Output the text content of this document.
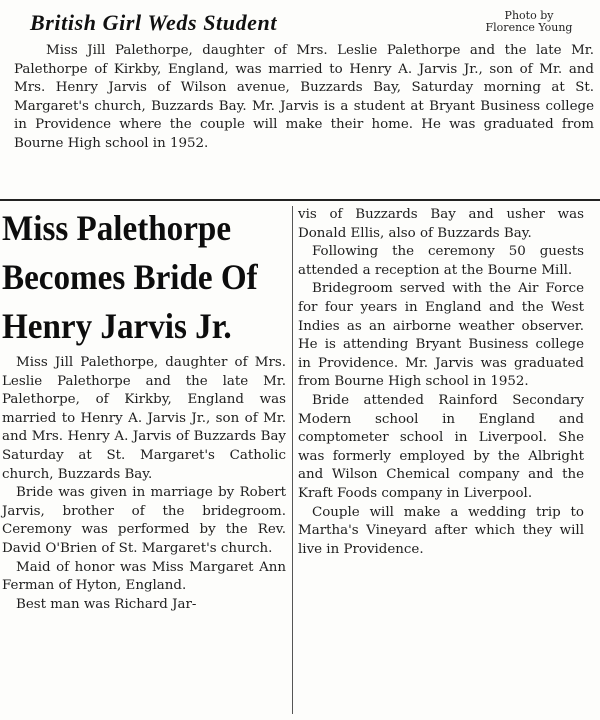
British Girl Weds Student	Photo by
Florence Young
Miss Jill Palethorpe, daughter of Mrs. Leslie Palethorpe and the late Mr. Palethorpe of Kirkby, England, was married to Henry A. Jarvis Jr., son of Mr. and Mrs. Henry Jarvis of Wilson avenue, Buzzards Bay, Saturday morning at St. Margaret's church, Buzzards Bay. Mr. Jarvis is a student at Bryant Business college in Providence where the couple will make their home. He was graduated from Bourne High school in 1952.
Miss Palethorpe
Becomes Bride Of
Henry Jarvis Jr.

Miss Jill Palethorpe, daughter of Mrs. Leslie Palethorpe and the late Mr. Palethorpe, of Kirkby, England was married to Henry A. Jarvis Jr., son of Mr. and Mrs. Henry A. Jarvis of Buzzards Bay Saturday at St. Margaret's Catholic church, Buzzards Bay.

Bride was given in marriage by Robert Jarvis, brother of the bridegroom. Ceremony was performed by the Rev. David O'Brien of St. Margaret's church.

Maid of honor was Miss Margaret Ann Ferman of Hyton, England.

Best man was Richard Jar-

vis of Buzzards Bay and usher was Donald Ellis, also of Buzzards Bay.

Following the ceremony 50 guests attended a reception at the Bourne Mill.

Bridegroom served with the Air Force for four years in England and the West Indies as an airborne weather observer. He is attending Bryant Business college in Providence. Mr. Jarvis was graduated from Bourne High school in 1952.

Bride attended Rainford Secondary Modern school in England and comptometer school in Liverpool. She was formerly employed by the Albright and Wilson Chemical company and the Kraft Foods company in Liverpool.

Couple will make a wedding trip to Martha's Vineyard after which they will live in Providence.
